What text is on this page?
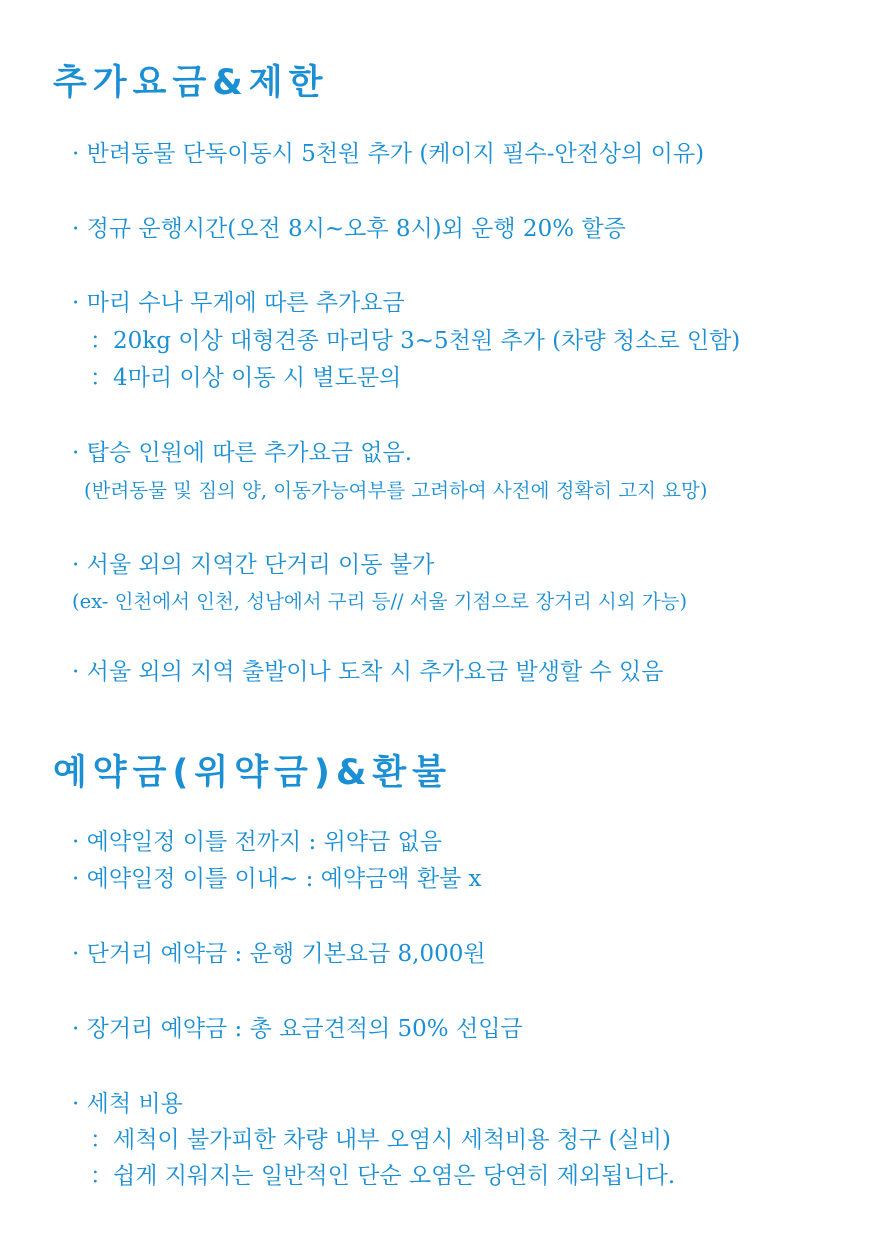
추가요금&제한

· 반려동물 단독이동시 5천원 추가 (케이지 필수-안전상의 이유)

· 정규 운행시간(오전 8시~오후 8시)외 운행 20% 할증

· 마리 수나 무게에 따른 추가요금

：20kg 이상 대형견종 마리당 3~5천원 추가 (차량 청소로 인함)

：4마리 이상 이동 시 별도문의

· 탑승 인원에 따른 추가요금 없음.

(반려동물 및 짐의 양, 이동가능여부를 고려하여 사전에 정확히 고지 요망)

· 서울 외의 지역간 단거리 이동 불가

(ex- 인천에서 인천, 성남에서 구리 등// 서울 기점으로 장거리 시외 가능)

· 서울 외의 지역 출발이나 도착 시 추가요금 발생할 수 있음

예약금(위약금)&환불

· 예약일정 이틀 전까지 : 위약금 없음

· 예약일정 이틀 이내~ : 예약금액 환불 x

· 단거리 예약금 : 운행 기본요금 8,000원

· 장거리 예약금 : 총 요금견적의 50% 선입금

· 세척 비용

：세척이 불가피한 차량 내부 오염시 세척비용 청구 (실비)

：쉽게 지워지는 일반적인 단순 오염은 당연히 제외됩니다.
